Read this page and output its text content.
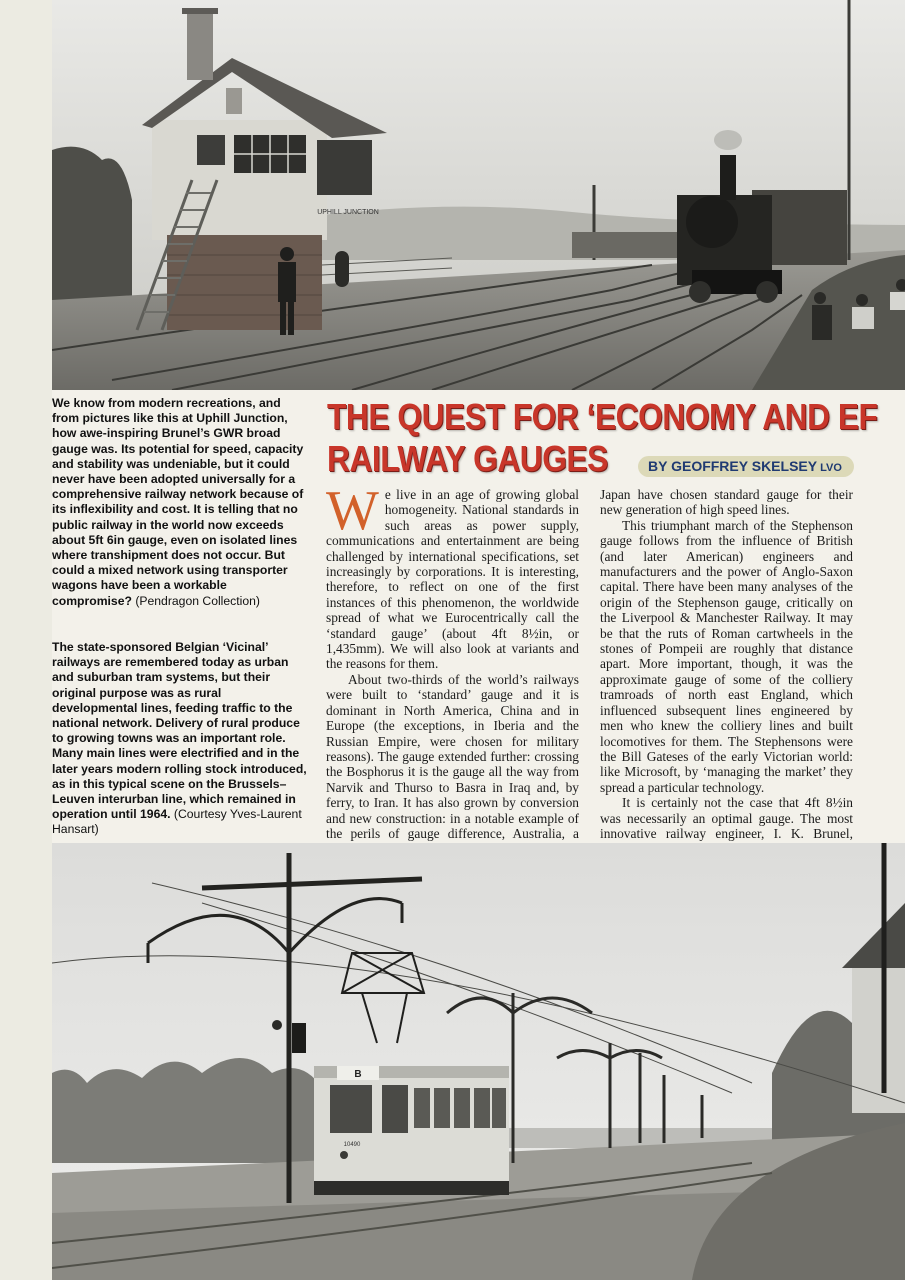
UPHILL JUNCTION
We know from modern recreations, and from pictures like this at Uphill Junction, how awe-inspiring Brunel’s GWR broad gauge was. Its potential for speed, capacity and stability was undeniable, but it could never have been adopted universally for a comprehensive railway network because of its inflexibility and cost. It is telling that no public railway in the world now exceeds about 5ft 6in gauge, even on isolated lines where transhipment does not occur. But could a mixed network using transporter wagons have been a workable compromise? (Pendragon Collection)
The state-sponsored Belgian ‘Vicinal’ railways are remembered today as urban and suburban tram systems, but their original purpose was as rural developmental lines, feeding traffic to the national network. Delivery of rural produce to growing towns was an important role. Many main lines were electrified and in the later years modern rolling stock introduced, as in this typical scene on the Brussels–Leuven interurban line, which remained in operation until 1964. (Courtesy Yves-Laurent Hansart)
THE QUEST FOR ‘ECONOMY AND EF
RAILWAY GAUGES	BY GEOFFREY SKELSEY LVO

We live in an age of growing global homogeneity. National standards in such areas as power supply, communications and entertainment are being challenged by international specifications, set increasingly by corporations. It is interesting, therefore, to reflect on one of the first instances of this phenomenon, the worldwide spread of what we Eurocentrically call the ‘standard gauge’ (about 4ft 8½in, or 1,435mm). We will also look at variants and the reasons for them.

About two-thirds of the world’s railways were built to ‘standard’ gauge and it is dominant in North America, China and in Europe (the exceptions, in Iberia and the Russian Empire, were chosen for military reasons). The gauge extended further: crossing the Bosphorus it is the gauge all the way from Narvik and Thurso to Basra in Iraq and, by ferry, to Iran. It has also grown by conversion and new construction: in a notable example of the perils of gauge difference, Australia, a

Japan have chosen standard gauge for their new generation of high speed lines.

This triumphant march of the Stephenson gauge follows from the influence of British (and later American) engineers and manufacturers and the power of Anglo-Saxon capital. There have been many analyses of the origin of the Stephenson gauge, critically on the Liverpool & Manchester Railway. It may be that the ruts of Roman cartwheels in the stones of Pompeii are roughly that distance apart. More important, though, it was the approximate gauge of some of the colliery tramroads of north east England, which influenced subsequent lines engineered by men who knew the colliery lines and built locomotives for them. The Stephensons were the Bill Gateses of the early Victorian world: like Microsoft, by ‘managing the market’ they spread a particular technology.

It is certainly not the case that 4ft 8½in was necessarily an optimal gauge. The most innovative railway engineer, I. K. Brunel,

B
10490
